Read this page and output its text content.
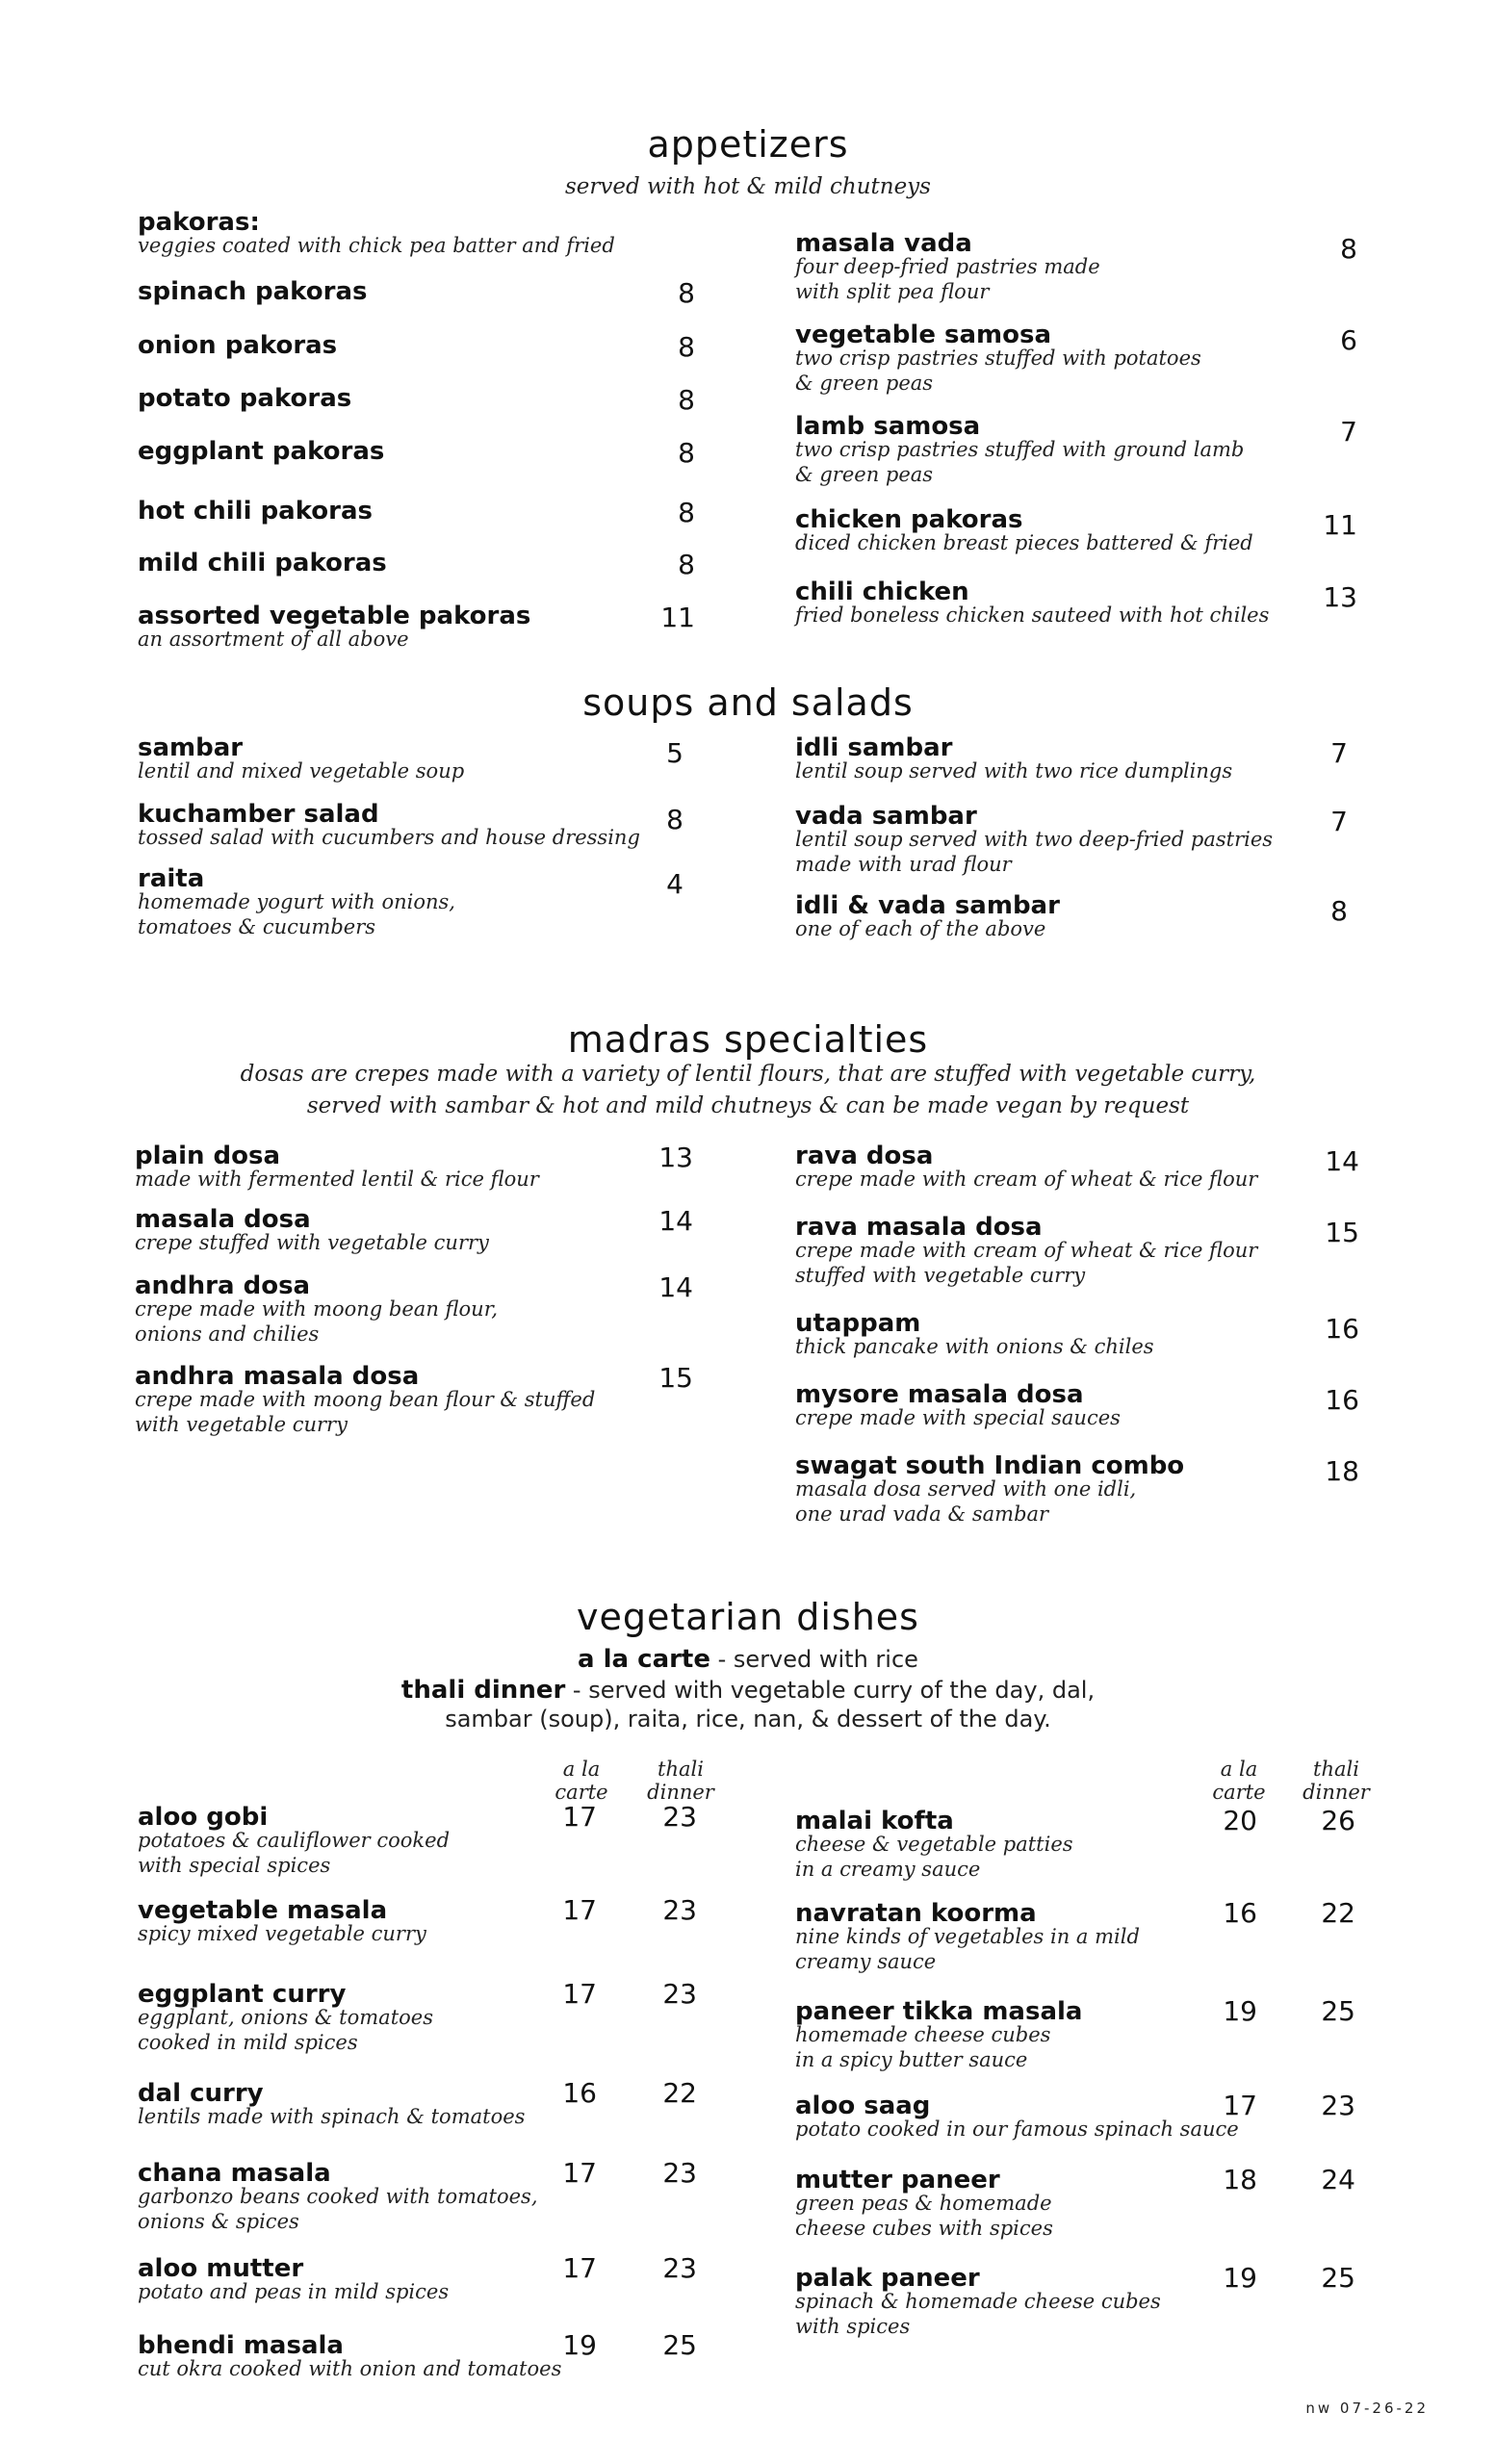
appetizers
served with hot & mild chutneys
pakoras:
veggies coated with chick pea batter and fried
spinach pakoras	8
onion pakoras	8
potato pakoras	8
eggplant pakoras	8
hot chili pakoras	8
mild chili pakoras	8
assorted vegetable pakoras
an assortment of all above
11
masala vada
four deep-fried pastries made
with split pea flour
8
vegetable samosa
two crisp pastries stuffed with potatoes
& green peas
6
lamb samosa
two crisp pastries stuffed with ground lamb
& green peas
7
chicken pakoras
diced chicken breast pieces battered & fried
11
chili chicken
fried boneless chicken sauteed with hot chiles
13
soups and salads
sambar
lentil and mixed vegetable soup
5
kuchamber salad
tossed salad with cucumbers and house dressing
8
raita
homemade yogurt with onions,
tomatoes & cucumbers
4
idli sambar
lentil soup served with two rice dumplings
7
vada sambar
lentil soup served with two deep-fried pastries
made with urad flour
7
idli & vada sambar
one of each of the above
8
madras specialties
dosas are crepes made with a variety of lentil flours, that are stuffed with vegetable curry,
served with sambar & hot and mild chutneys & can be made vegan by request
plain dosa
made with fermented lentil & rice flour
13
masala dosa
crepe stuffed with vegetable curry
14
andhra dosa
crepe made with moong bean flour,
onions and chilies
14
andhra masala dosa
crepe made with moong bean flour & stuffed
with vegetable curry
15
rava dosa
crepe made with cream of wheat & rice flour
14
rava masala dosa
crepe made with cream of wheat & rice flour
stuffed with vegetable curry
15
utappam
thick pancake with onions & chiles
16
mysore masala dosa
crepe made with special sauces
16
swagat south Indian combo
masala dosa served with one idli,
one urad vada & sambar
18
vegetarian dishes
a la carte - served with rice
thali dinner - served with vegetable curry of the day, dal,
sambar (soup), raita, rice, nan, & dessert of the day.
a la
carte
thali
dinner
a la
carte
thali
dinner
aloo gobi
potatoes & cauliflower cooked
with special spices
17	23
vegetable masala
spicy mixed vegetable curry
17	23
eggplant curry
eggplant, onions & tomatoes
cooked in mild spices
17	23
dal curry
lentils made with spinach & tomatoes
16	22
chana masala
garbonzo beans cooked with tomatoes,
onions & spices
17	23
aloo mutter
potato and peas in mild spices
17	23
bhendi masala
cut okra cooked with onion and tomatoes
19	25
malai kofta
cheese & vegetable patties
in a creamy sauce
20	26
navratan koorma
nine kinds of vegetables in a mild
creamy sauce
16	22
paneer tikka masala
homemade cheese cubes
in a spicy butter sauce
19	25
aloo saag
potato cooked in our famous spinach sauce
17	23
mutter paneer
green peas & homemade
cheese cubes with spices
18	24
palak paneer
spinach & homemade cheese cubes
with spices
19	25
nw 07-26-22
